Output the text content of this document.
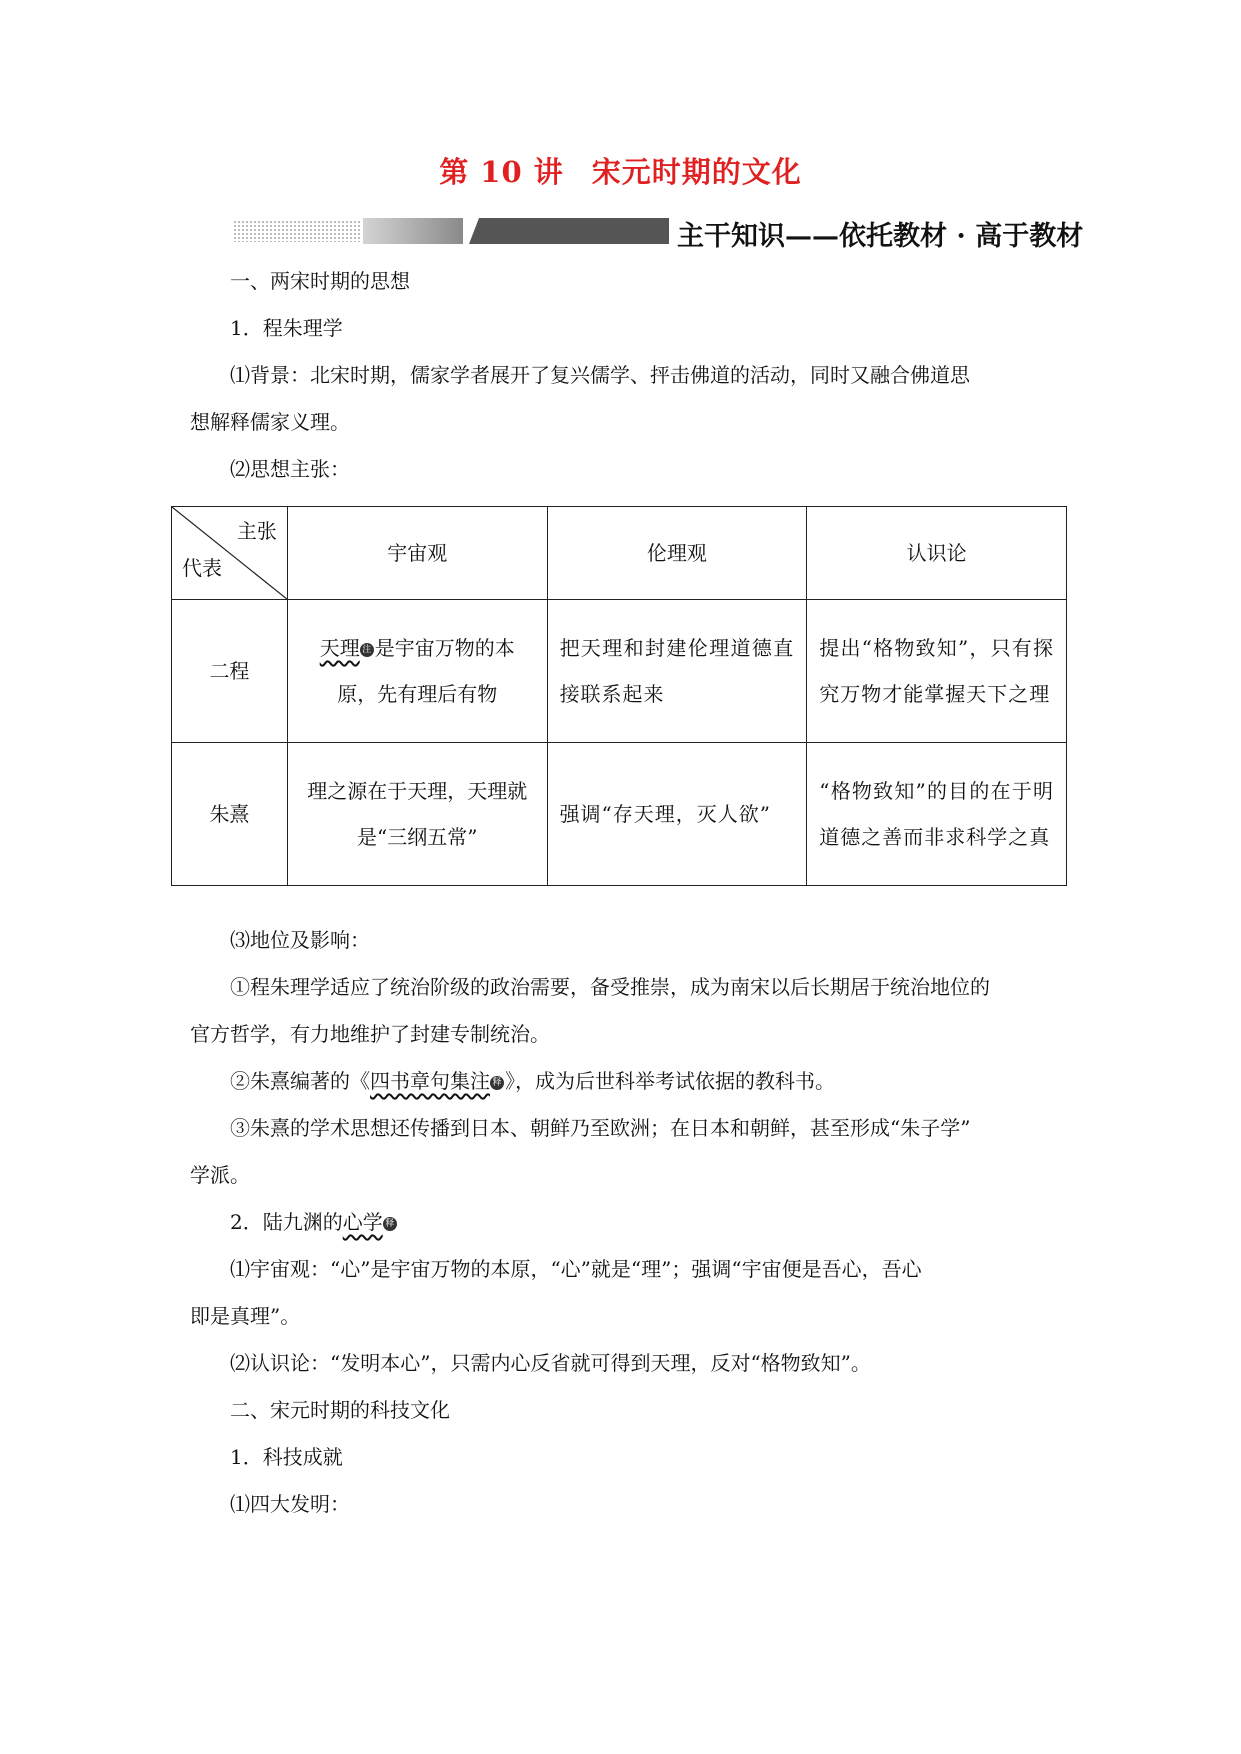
第 10 讲 宋元时期的文化
主干知识——依托教材 · 高于教材
一、两宋时期的思想
1．程朱理学
⑴背景：北宋时期，儒家学者展开了复兴儒学、抨击佛道的活动，同时又融合佛道思
想解释儒家义理。
⑵思想主张：
主张
代表	宇宙观	伦理观	认识论
二程	天理 注 是宇宙万物的本原，先有理后有物	把天理和封建伦理道德直接联系起来	提出“格物致知”，只有探究万物才能掌握天下之理
朱熹	理之源在于天理，天理就是“三纲五常”	强调“存天理，灭人欲”	“格物致知”的目的在于明道德之善而非求科学之真
⑶地位及影响：
①程朱理学适应了统治阶级的政治需要，备受推崇，成为南宋以后长期居于统治地位的
官方哲学，有力地维护了封建专制统治。
②朱熹编著的《四书章句集注 释 》，成为后世科举考试依据的教科书。
③朱熹的学术思想还传播到日本、朝鲜乃至欧洲；在日本和朝鲜，甚至形成“朱子学”
学派。
2．陆九渊的心学 释
⑴宇宙观：“心”是宇宙万物的本原，“心”就是“理”；强调“宇宙便是吾心，吾心
即是真理”。
⑵认识论：“发明本心”，只需内心反省就可得到天理，反对“格物致知”。
二、宋元时期的科技文化
1．科技成就
⑴四大发明：
